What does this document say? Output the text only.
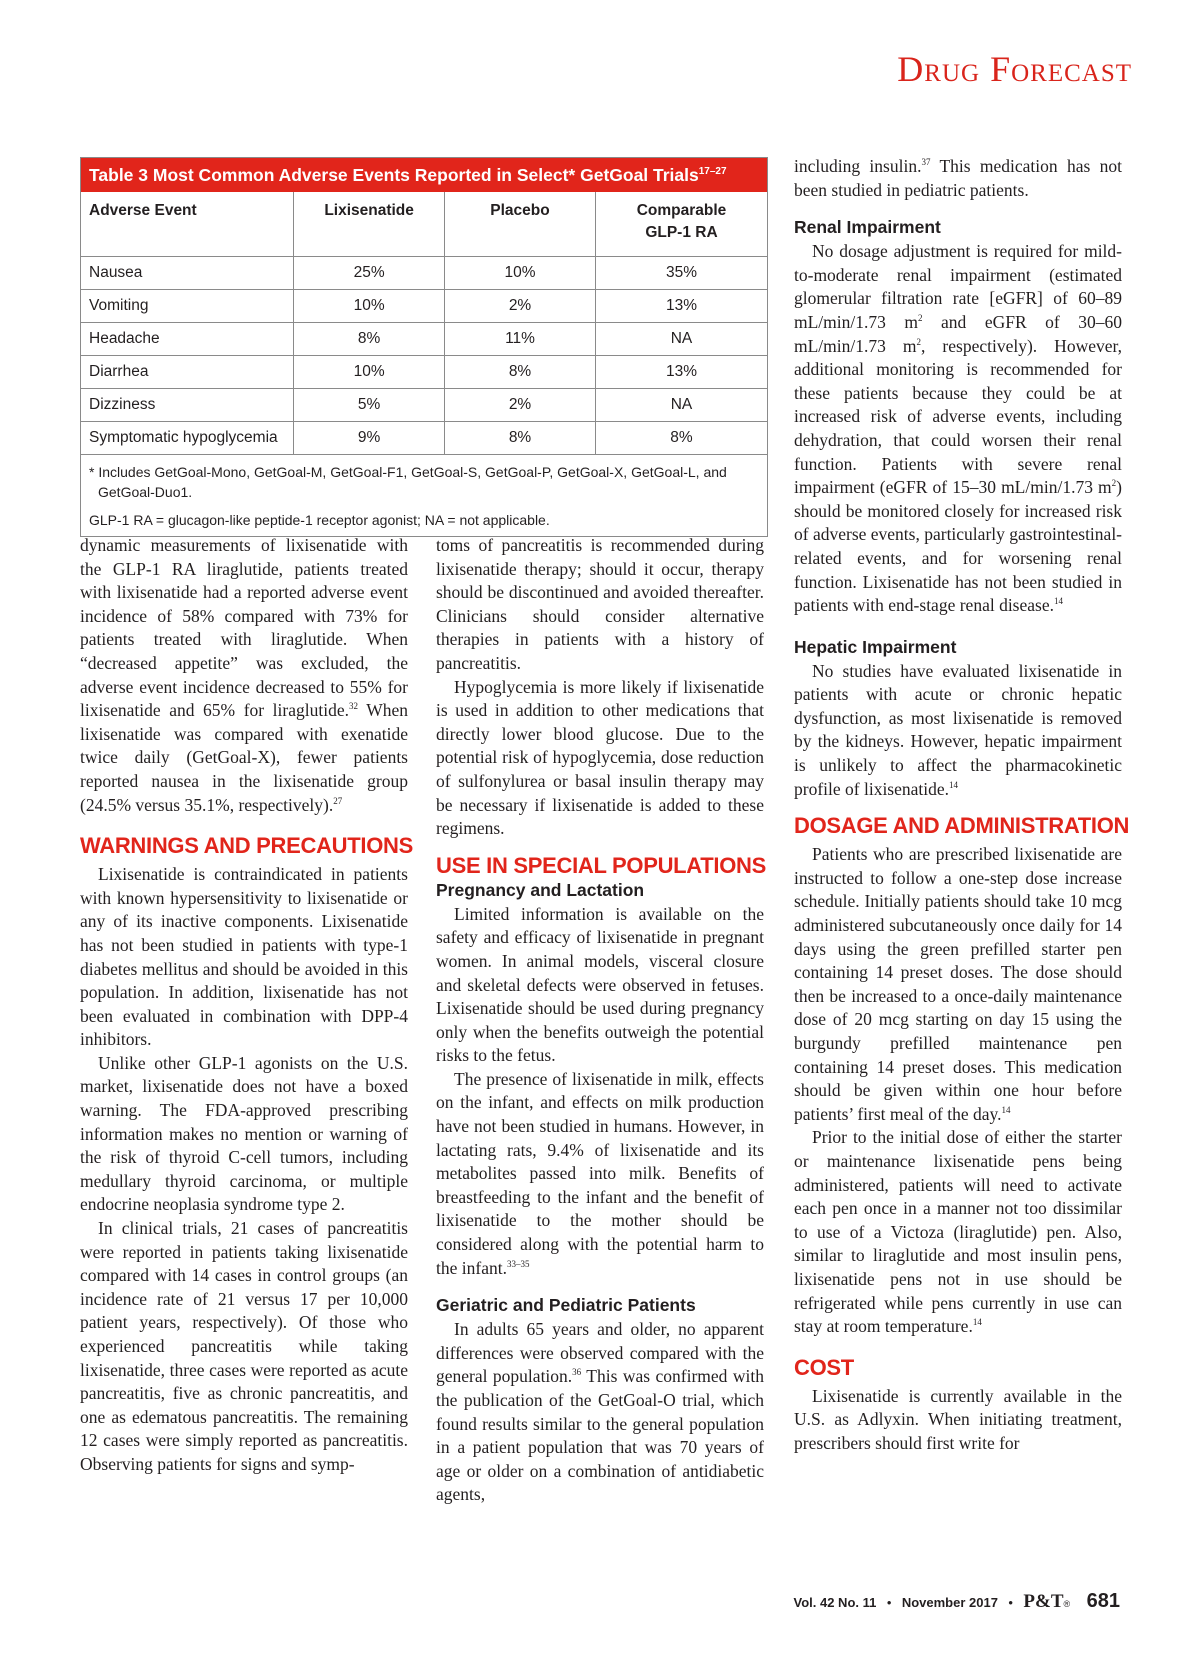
Drug Forecast
Table 3 Most Common Adverse Events Reported in Select* GetGoal Trials$^{17-27}$
Adverse Event	Lixisenatide	Placebo	Comparable GLP-1 RA
Nausea	25%	10%	35%
Vomiting	10%	2%	13%
Headache	8%	11%	NA
Diarrhea	10%	8%	13%
Dizziness	5%	2%	NA
Symptomatic hypoglycemia	9%	8%	8%

* Includes GetGoal-Mono, GetGoal-M, GetGoal-F1, GetGoal-S, GetGoal-P, GetGoal-X, GetGoal-L, and GetGoal-Duo1.

GLP-1 RA = glucagon-like peptide-1 receptor agonist; NA = not applicable.

dynamic measurements of lixisenatide with the GLP-1 RA liraglutide, patients treated with lixisenatide had a reported adverse event incidence of 58% compared with 73% for patients treated with liraglutide. When “decreased appetite” was excluded, the adverse event incidence decreased to 55% for lixisenatide and 65% for liraglutide.$^{32}$ When lixisenatide was compared with exenatide twice daily (GetGoal-X), fewer patients reported nausea in the lixisenatide group (24.5% versus 35.1%, respectively).$^{27}$

WARNINGS AND PRECAUTIONS

Lixisenatide is contraindicated in patients with known hypersensitivity to lixisenatide or any of its inactive components. Lixisenatide has not been studied in patients with type-1 diabetes mellitus and should be avoided in this population. In addition, lixisenatide has not been evaluated in combination with DPP-4 inhibitors.

Unlike other GLP-1 agonists on the U.S. market, lixisenatide does not have a boxed warning. The FDA-approved prescribing information makes no mention or warning of the risk of thyroid C-cell tumors, including medullary thyroid carcinoma, or multiple endocrine neoplasia syndrome type 2.

In clinical trials, 21 cases of pancreatitis were reported in patients taking lixisenatide compared with 14 cases in control groups (an incidence rate of 21 versus 17 per 10,000 patient years, respectively). Of those who experienced pancreatitis while taking lixisenatide, three cases were reported as acute pancreatitis, five as chronic pancreatitis, and one as edematous pancreatitis. The remaining 12 cases were simply reported as pancreatitis. Observing patients for signs and symp-

toms of pancreatitis is recommended during lixisenatide therapy; should it occur, therapy should be discontinued and avoided thereafter. Clinicians should consider alternative therapies in patients with a history of pancreatitis.

Hypoglycemia is more likely if lixisenatide is used in addition to other medications that directly lower blood glucose. Due to the potential risk of hypoglycemia, dose reduction of sulfonylurea or basal insulin therapy may be necessary if lixisenatide is added to these regimens.

USE IN SPECIAL POPULATIONS
Pregnancy and Lactation

Limited information is available on the safety and efficacy of lixisenatide in pregnant women. In animal models, visceral closure and skeletal defects were observed in fetuses. Lixisenatide should be used during pregnancy only when the benefits outweigh the potential risks to the fetus.

The presence of lixisenatide in milk, effects on the infant, and effects on milk production have not been studied in humans. However, in lactating rats, 9.4% of lixisenatide and its metabolites passed into milk. Benefits of breastfeeding to the infant and the benefit of lixisenatide to the mother should be considered along with the potential harm to the infant.$^{33-35}$

Geriatric and Pediatric Patients

In adults 65 years and older, no apparent differences were observed compared with the general population.$^{36}$ This was confirmed with the publication of the GetGoal-O trial, which found results similar to the general population in a patient population that was 70 years of age or older on a combination of antidiabetic agents,

including insulin.$^{37}$ This medication has not been studied in pediatric patients.

Renal Impairment

No dosage adjustment is required for mild-to-moderate renal impairment (estimated glomerular filtration rate [eGFR] of 60–89 mL/min/1.73 $m^2$ and eGFR of 30–60 mL/min/1.73 $m^2$, respectively). However, additional monitoring is recommended for these patients because they could be at increased risk of adverse events, including dehydration, that could worsen their renal function. Patients with severe renal impairment (eGFR of 15–30 mL/min/1.73 $m^2$) should be monitored closely for increased risk of adverse events, particularly gastrointestinal-related events, and for worsening renal function. Lixisenatide has not been studied in patients with end-stage renal disease.$^{14}$

Hepatic Impairment

No studies have evaluated lixisenatide in patients with acute or chronic hepatic dysfunction, as most lixisenatide is removed by the kidneys. However, hepatic impairment is unlikely to affect the pharmacokinetic profile of lixisenatide.$^{14}$

DOSAGE AND ADMINISTRATION

Patients who are prescribed lixisenatide are instructed to follow a one-step dose increase schedule. Initially patients should take 10 mcg administered subcutaneously once daily for 14 days using the green prefilled starter pen containing 14 preset doses. The dose should then be increased to a once-daily maintenance dose of 20 mcg starting on day 15 using the burgundy prefilled maintenance pen containing 14 preset doses. This medication should be given within one hour before patients’ first meal of the day.$^{14}$

Prior to the initial dose of either the starter or maintenance lixisenatide pens being administered, patients will need to activate each pen once in a manner not too dissimilar to use of a Victoza (liraglutide) pen. Also, similar to liraglutide and most insulin pens, lixisenatide pens not in use should be refrigerated while pens currently in use can stay at room temperature.$^{14}$

COST

Lixisenatide is currently available in the U.S. as Adlyxin. When initiating treatment, prescribers should first write for

Vol. 42 No. 11 • November 2017 • P&T® 681
